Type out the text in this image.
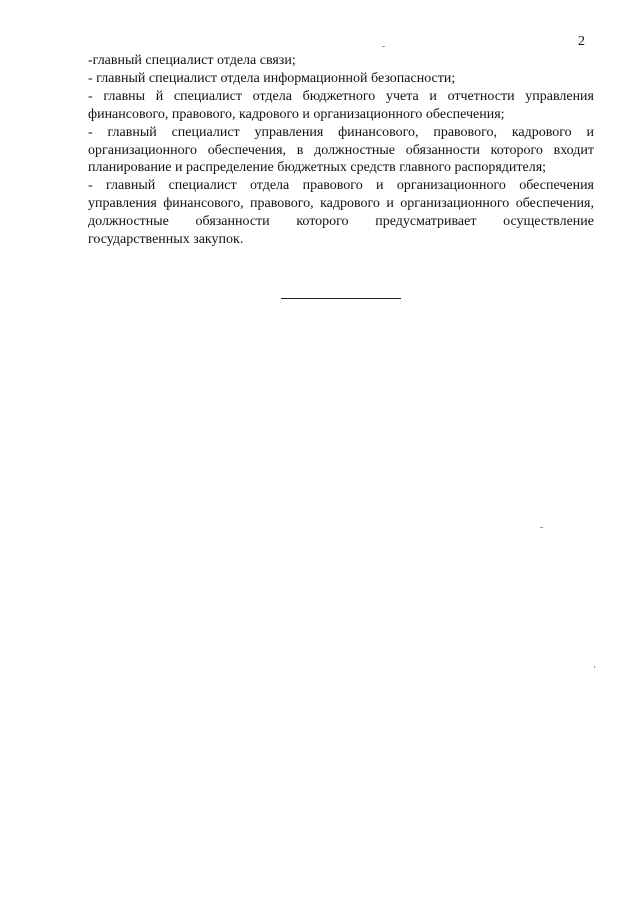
2

-главный специалист отдела связи;

- главный специалист отдела информационной безопасности;

- главны й специалист отдела бюджетного учета и отчетности управления финансового, правового, кадрового и организационного обеспечения;

- главный специалист управления финансового, правового, кадрового и организационного обеспечения, в должностные обязанности которого входит планирование и распределение бюджетных средств главного распорядителя;

- главный специалист отдела правового и организационного обеспечения управления финансового, правового, кадрового и организационного обеспечения, должностные обязанности которого предусматривает осуществление государственных закупок.
